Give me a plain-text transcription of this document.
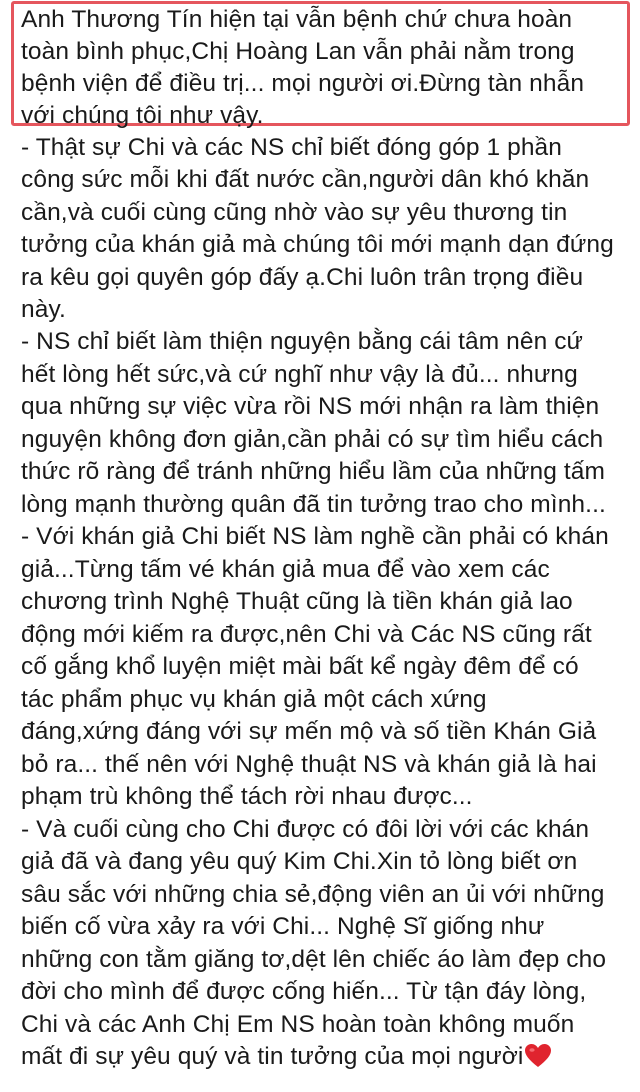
Anh Thương Tín hiện tại vẫn bệnh chứ chưa hoàn
toàn bình phục,Chị Hoàng Lan vẫn phải nằm trong
bệnh viện để điều trị... mọi người ơi.Đừng tàn nhẫn
với chúng tôi như vậy.
- Thật sự Chi và các NS chỉ biết đóng góp 1 phần
công sức mỗi khi đất nước cần,người dân khó khăn
cần,và cuối cùng cũng nhờ vào sự yêu thương tin
tưởng của khán giả mà chúng tôi mới mạnh dạn đứng
ra kêu gọi quyên góp đấy ạ.Chi luôn trân trọng điều
này.
- NS chỉ biết làm thiện nguyện bằng cái tâm nên cứ
hết lòng hết sức,và cứ nghĩ như vậy là đủ... nhưng
qua những sự việc vừa rồi NS mới nhận ra làm thiện
nguyện không đơn giản,cần phải có sự tìm hiểu cách
thức rõ ràng để tránh những hiểu lầm của những tấm
lòng mạnh thường quân đã tin tưởng trao cho mình...
- Với khán giả Chi biết NS làm nghề cần phải có khán
giả...Từng tấm vé khán giả mua để vào xem các
chương trình Nghệ Thuật cũng là tiền khán giả lao
động mới kiếm ra được,nên Chi và Các NS cũng rất
cố gắng khổ luyện miệt mài bất kể ngày đêm để có
tác phẩm phục vụ khán giả một cách xứng
đáng,xứng đáng với sự mến mộ và số tiền Khán Giả
bỏ ra... thế nên với Nghệ thuật NS và khán giả là hai
phạm trù không thể tách rời nhau được...
- Và cuối cùng cho Chi được có đôi lời với các khán
giả đã và đang yêu quý Kim Chi.Xin tỏ lòng biết ơn
sâu sắc với những chia sẻ,động viên an ủi với những
biến cố vừa xảy ra với Chi... Nghệ Sĩ giống như
những con tằm giăng tơ,dệt lên chiếc áo làm đẹp cho
đời cho mình để được cống hiến... Từ tận đáy lòng,
Chi và các Anh Chị Em NS hoàn toàn không muốn
mất đi sự yêu quý và tin tưởng của mọi người
